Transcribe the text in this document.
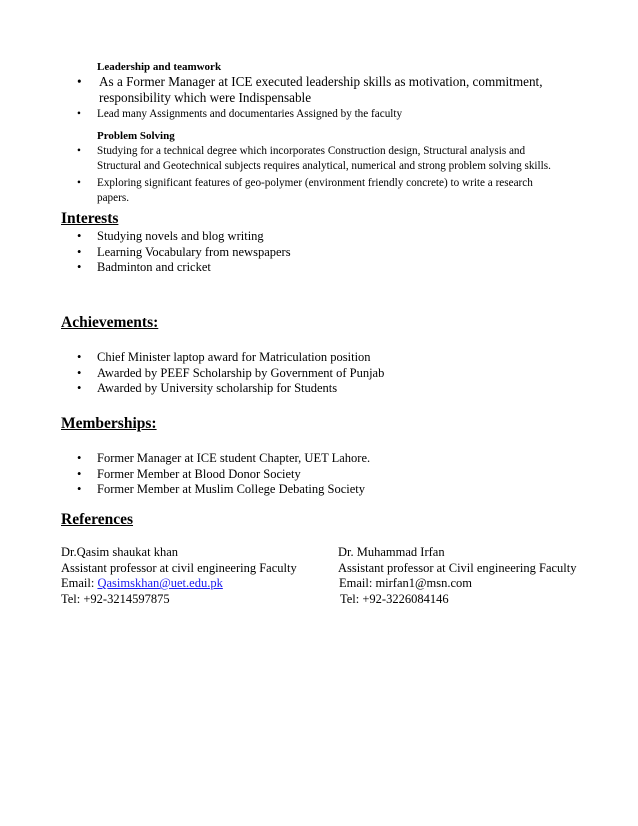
Leadership and teamwork
• As a Former Manager at ICE executed leadership skills as motivation, commitment, responsibility which were Indispensable
• Lead many Assignments and documentaries Assigned by the faculty
Problem Solving
• Studying for a technical degree which incorporates Construction design, Structural analysis and Structural and Geotechnical subjects requires analytical, numerical and strong problem solving skills.
• Exploring significant features of geo-polymer (environment friendly concrete) to write a research papers.
Interests
• Studying novels and blog writing
• Learning Vocabulary from newspapers
• Badminton and cricket
Achievements:
• Chief Minister laptop award for Matriculation position
• Awarded by PEEF Scholarship by Government of Punjab
• Awarded by University scholarship for Students
Memberships:
• Former Manager at ICE student Chapter, UET Lahore.
• Former Member at Blood Donor Society
• Former Member at Muslim College Debating Society
References
Dr.Qasim shaukat khan
Assistant professor at civil engineering Faculty
Email: Qasimskhan@uet.edu.pk
Tel: +92-3214597875
Dr. Muhammad Irfan
Assistant professor at Civil engineering Faculty
Email: mirfan1@msn.com
Tel: +92-3226084146
